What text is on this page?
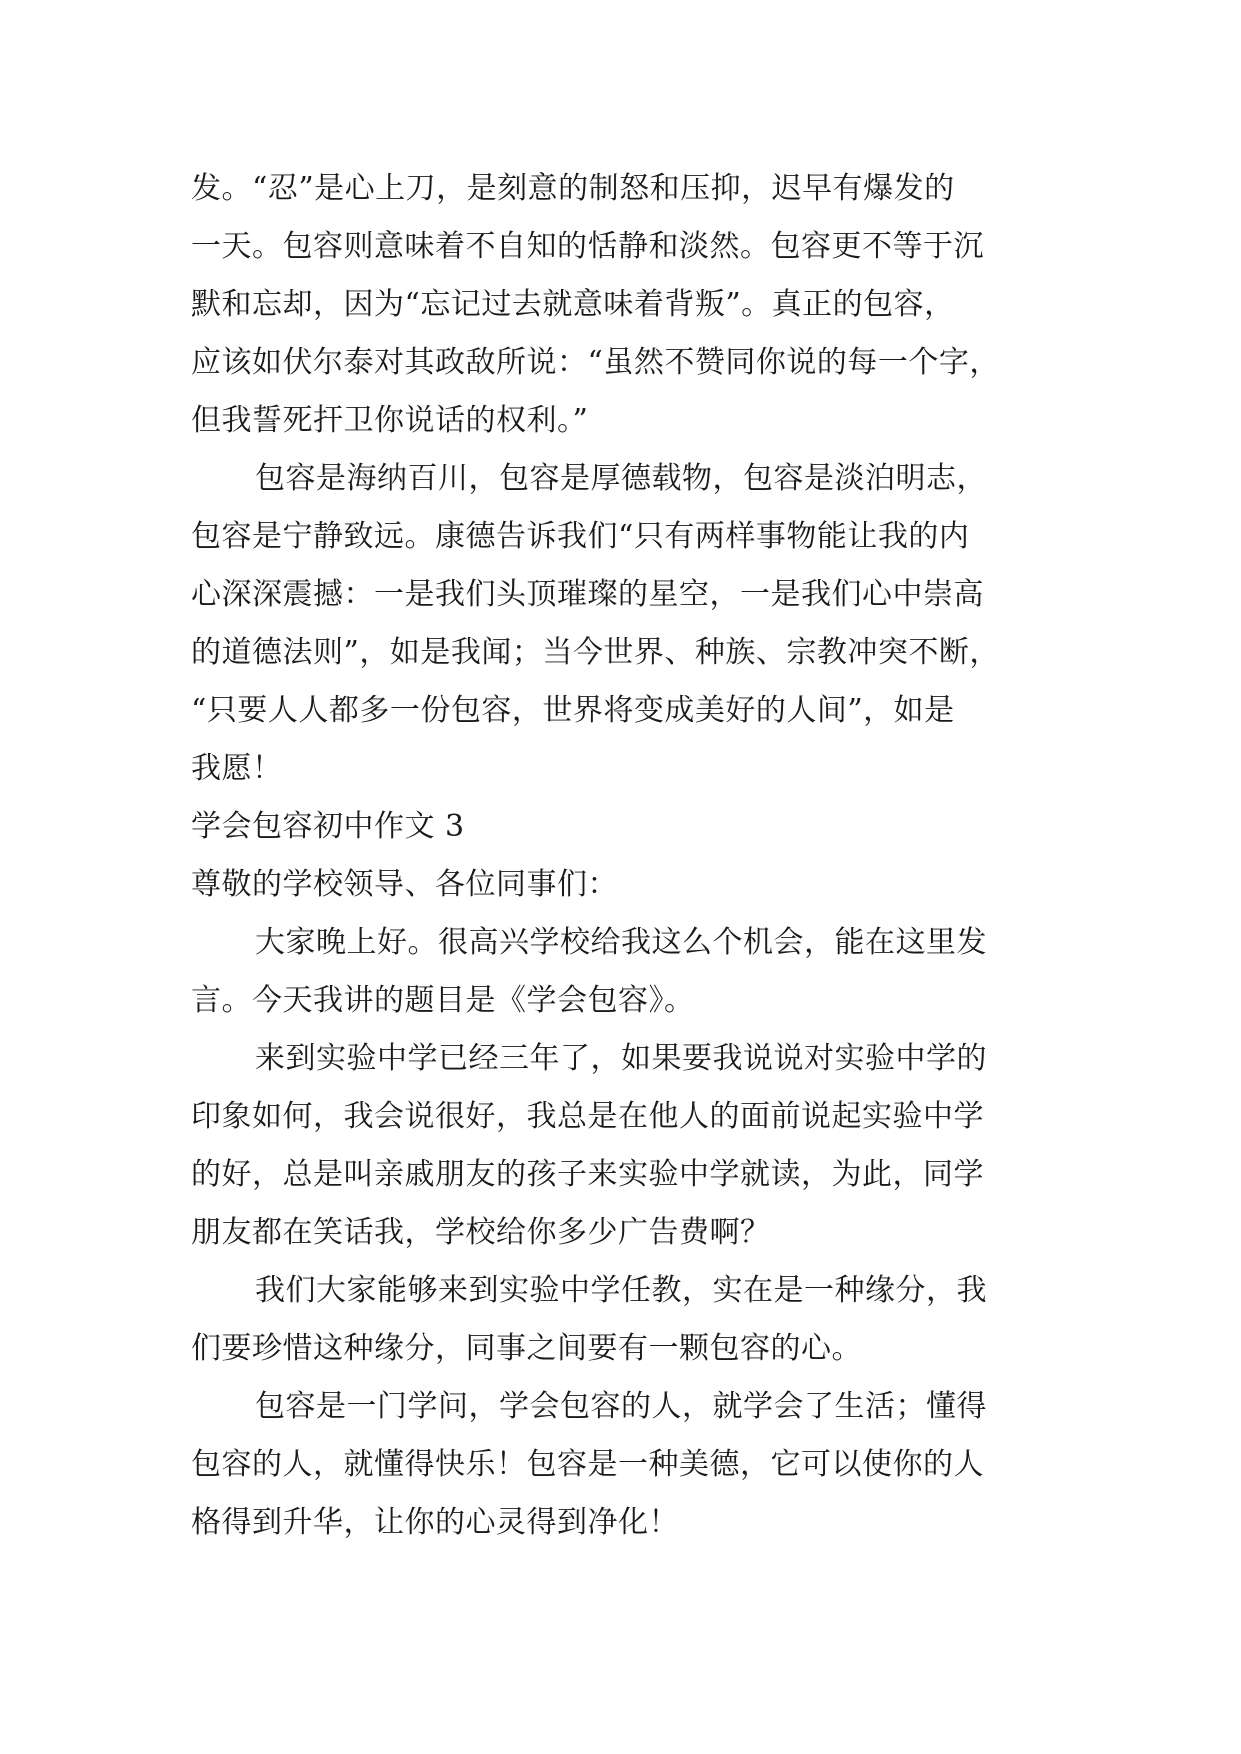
发。“忍”是心上刀，是刻意的制怒和压抑，迟早有爆发的
一天。包容则意味着不自知的恬静和淡然。包容更不等于沉
默和忘却，因为“忘记过去就意味着背叛”。真正的包容，
应该如伏尔泰对其政敌所说：“虽然不赞同你说的每一个字，
但我誓死扞卫你说话的权利。”
包容是海纳百川，包容是厚德载物，包容是淡泊明志，
包容是宁静致远。康德告诉我们“只有两样事物能让我的内
心深深震撼：一是我们头顶璀璨的星空，一是我们心中崇高
的道德法则”，如是我闻；当今世界、种族、宗教冲突不断，
“只要人人都多一份包容，世界将变成美好的人间”，如是
我愿！
学会包容初中作文 3
尊敬的学校领导、各位同事们：
大家晚上好。很高兴学校给我这么个机会，能在这里发
言。今天我讲的题目是《学会包容》。
来到实验中学已经三年了，如果要我说说对实验中学的
印象如何，我会说很好，我总是在他人的面前说起实验中学
的好，总是叫亲戚朋友的孩子来实验中学就读，为此，同学
朋友都在笑话我，学校给你多少广告费啊？
我们大家能够来到实验中学任教，实在是一种缘分，我
们要珍惜这种缘分，同事之间要有一颗包容的心。
包容是一门学问，学会包容的人，就学会了生活；懂得
包容的人，就懂得快乐！包容是一种美德，它可以使你的人
格得到升华，让你的心灵得到净化！
